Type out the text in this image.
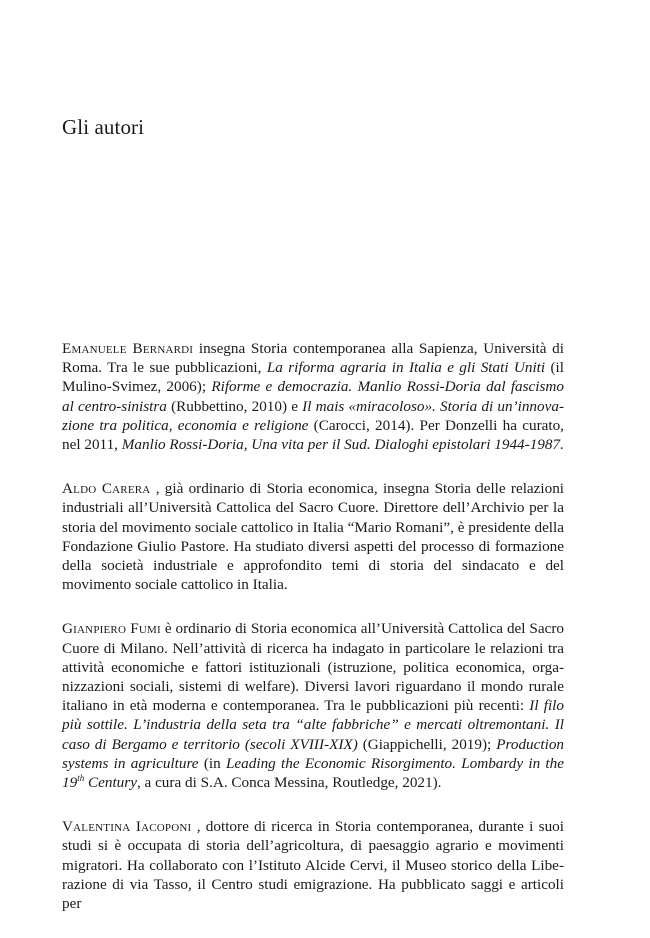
Gli autori

Emanuele Bernardi insegna Storia contemporanea alla Sapienza, Università di Roma. Tra le sue pubblicazioni, La riforma agraria in Italia e gli Stati Uniti (il Mulino-Svimez, 2006); Riforme e democrazia. Manlio Rossi-Doria dal fascismo al centro-sinistra (Rubbettino, 2010) e Il mais «miracoloso». Storia di un’innovazione tra politica, economia e religione (Carocci, 2014). Per Donzelli ha curato, nel 2011, Manlio Rossi-Doria, Una vita per il Sud. Dialoghi epistolari 1944-1987.

Aldo Carera , già ordinario di Storia economica, insegna Storia delle relazioni industriali all’Università Cattolica del Sacro Cuore. Direttore dell’Archivio per la storia del movimento sociale cattolico in Italia “Mario Romani”, è presidente della Fondazione Giulio Pastore. Ha studiato diversi aspetti del processo di formazione della società industriale e approfondito temi di storia del sindacato e del movimento sociale cattolico in Italia.

Gianpiero Fumi è ordinario di Storia economica all’Università Cattolica del Sacro Cuore di Milano. Nell’attività di ricerca ha indagato in particolare le relazioni tra attività economiche e fattori istituzionali (istruzione, politica economica, organizzazioni sociali, sistemi di welfare). Diversi lavori riguardano il mondo rurale italiano in età moderna e contemporanea. Tra le pubblicazioni più recenti: Il filo più sottile. L’industria della seta tra “alte fabbriche” e mercati oltremontani. Il caso di Bergamo e territorio (secoli XVIII-XIX) (Giappichelli, 2019); Production systems in agriculture (in Leading the Economic Risorgimento. Lombardy in the 19th Century, a cura di S.A. Conca Messina, Routledge, 2021).

Valentina Iacoponi , dottore di ricerca in Storia contemporanea, durante i suoi studi si è occupata di storia dell’agricoltura, di paesaggio agrario e movimenti migratori. Ha collaborato con l’Istituto Alcide Cervi, il Museo storico della Liberazione di via Tasso, il Centro studi emigrazione. Ha pubblicato saggi e articoli per
